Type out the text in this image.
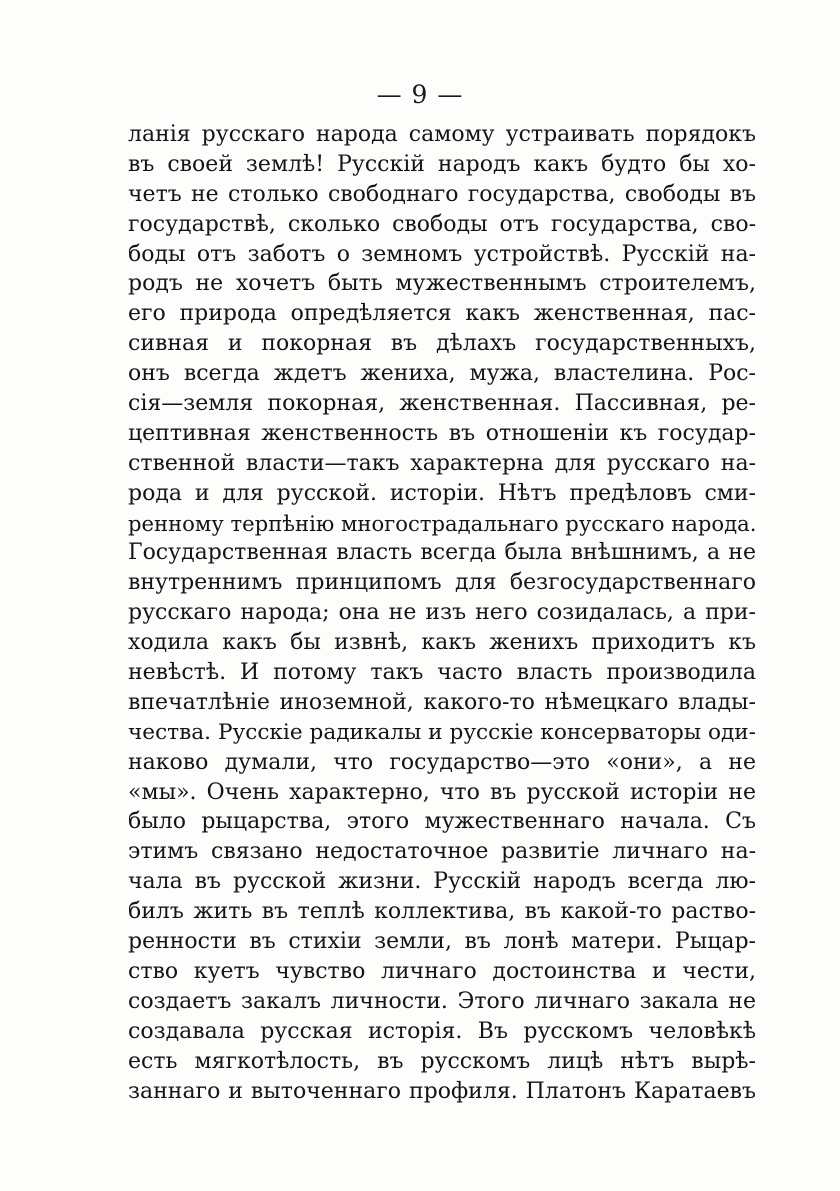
— 9 —
ланія русскаго народа самому устраивать порядокъ
въ своей землѣ! Русскій народъ какъ будто бы хо-
четъ не столько свободнаго государства, свободы въ
государствѣ, сколько свободы отъ государства, сво-
боды отъ заботъ о земномъ устройствѣ. Русскій на-
родъ не хочетъ быть мужественнымъ строителемъ,
его природа опредѣляется какъ женственная, пас-
сивная и покорная въ дѣлахъ государственныхъ,
онъ всегда ждетъ жениха, мужа, властелина. Рос-
сія—земля покорная, женственная. Пассивная, ре-
цептивная женственность въ отношеніи къ государ-
ственной власти—такъ характерна для русскаго на-
рода и для русской. исторіи. Нѣтъ предѣловъ сми-
ренному терпѣнію многострадальнаго русскаго народа.
Государственная власть всегда была внѣшнимъ, а не
внутреннимъ принципомъ для безгосударственнаго
русскаго народа; она не изъ него созидалась, а при-
ходила какъ бы извнѣ, какъ женихъ приходитъ къ
невѣстѣ. И потому такъ часто власть производила
впечатлѣніе иноземной, какого-то нѣмецкаго влады-
чества. Русскіе радикалы и русскіе консерваторы оди-
наково думали, что государство—это «они», а не
«мы». Очень характерно, что въ русской исторіи не
было рыцарства, этого мужественнаго начала. Съ
этимъ связано недостаточное развитіе личнаго на-
чала въ русской жизни. Русскій народъ всегда лю-
билъ жить въ теплѣ коллектива, въ какой-то раство-
ренности въ стихіи земли, въ лонѣ матери. Рыцар-
ство куетъ чувство личнаго достоинства и чести,
создаетъ закалъ личности. Этого личнаго закала не
создавала русская исторія. Въ русскомъ человѣкѣ
есть мягкотѣлость, въ русскомъ лицѣ нѣтъ вырѣ-
заннаго и выточеннаго профиля. Платонъ Каратаевъ
